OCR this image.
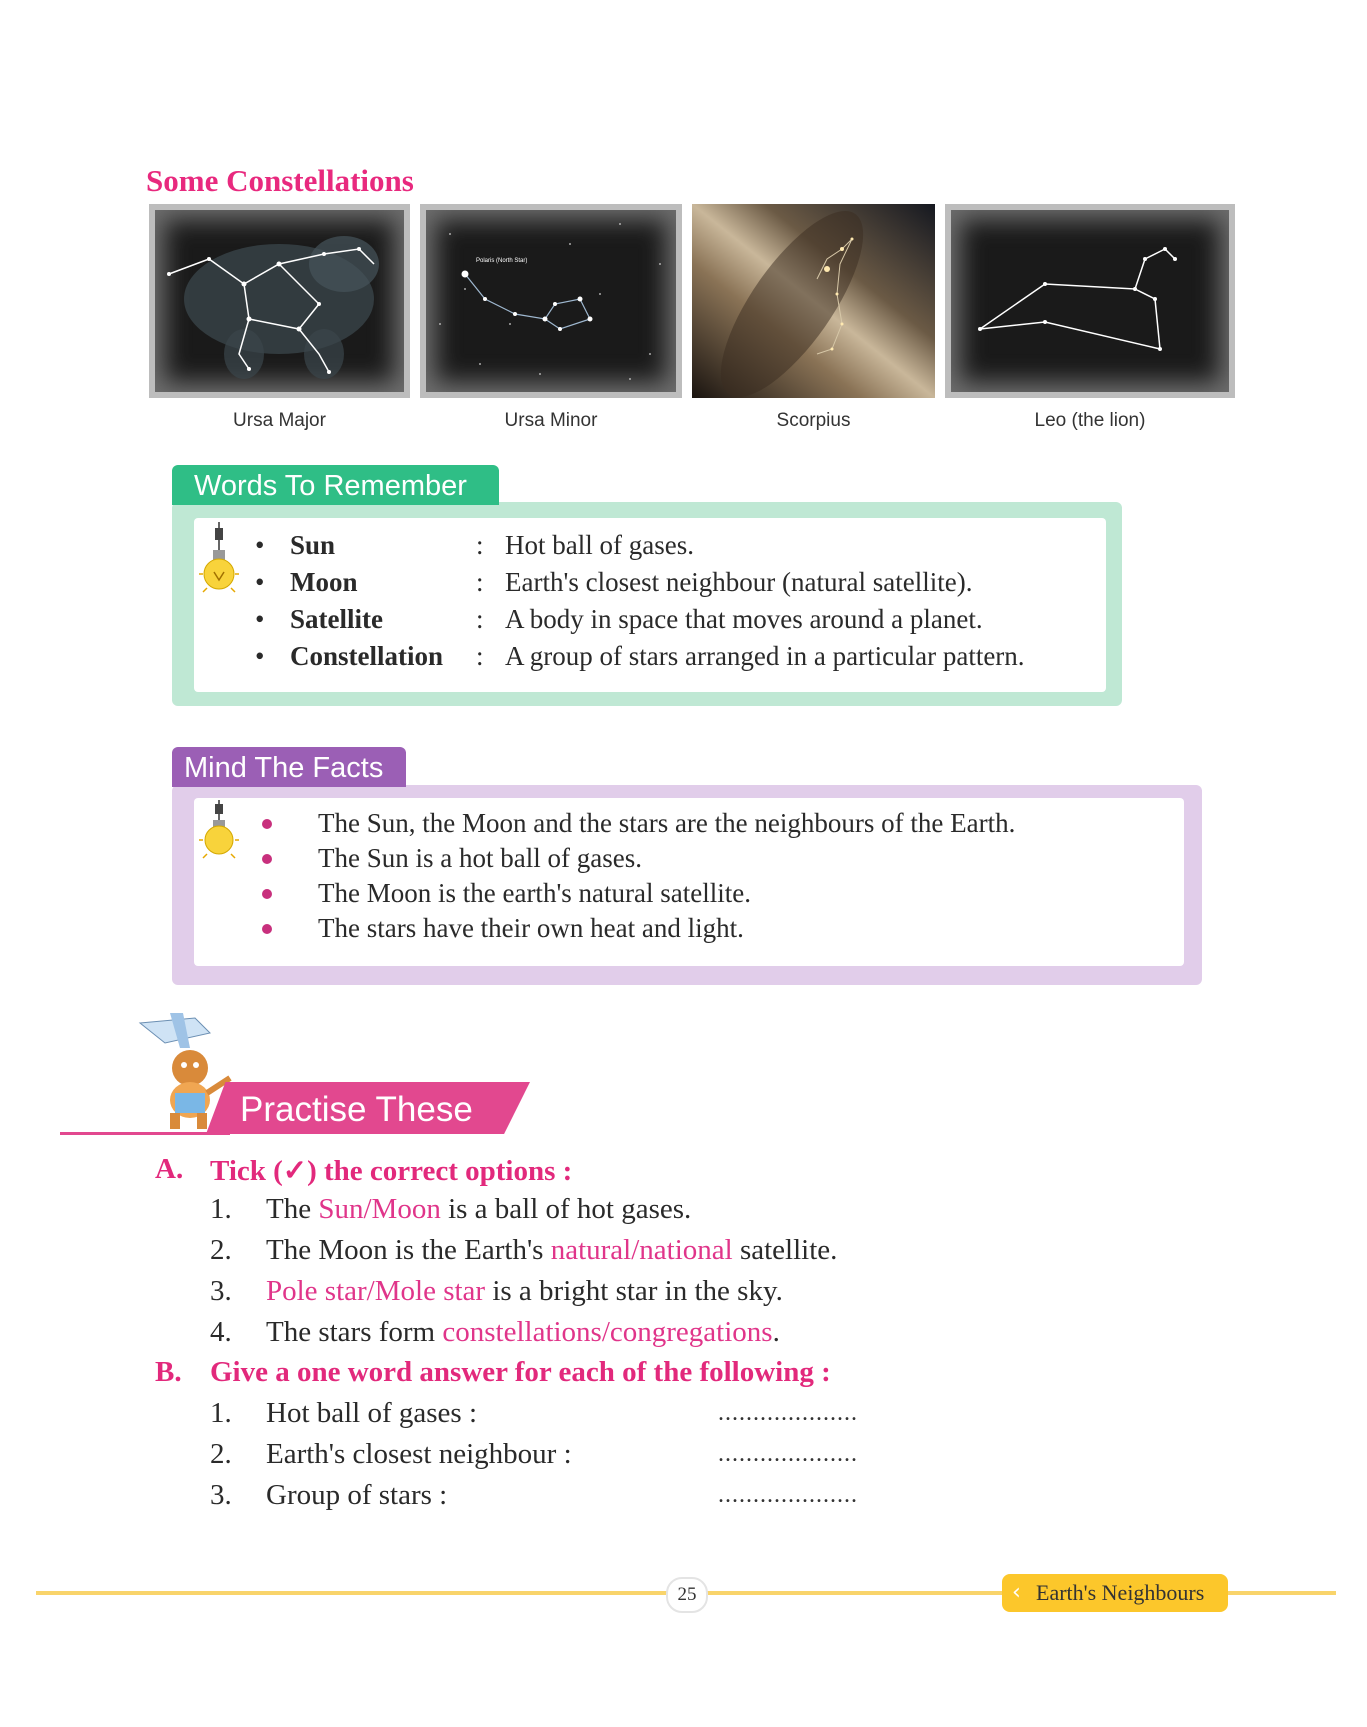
Some Constellations
Ursa Major
Polaris (North Star)
Ursa Minor	Scorpius	Leo (the lion)
Words To Remember
• Sun	: Hot ball of gases.
• Moon	: Earth's closest neighbour (natural satellite).
• Satellite	: A body in space that moves around a planet.
• Constellation : A group of stars arranged in a particular pattern.
Mind The Facts
The Sun, the Moon and the stars are the neighbours of the Earth.
The Sun is a hot ball of gases.
The Moon is the earth's natural satellite.
The stars have their own heat and light.
Practise These
A. Tick (✓) the correct options :
1. The Sun/Moon is a ball of hot gases.
2. The Moon is the Earth's natural/national satellite.
3. Pole star/Mole star is a bright star in the sky.
4. The stars form constellations/congregations.
B. Give a one word answer for each of the following :
1. Hot ball of gases :	....................
2. Earth's closest neighbour :	....................
3. Group of stars :	....................
25	‹ Earth's Neighbours
